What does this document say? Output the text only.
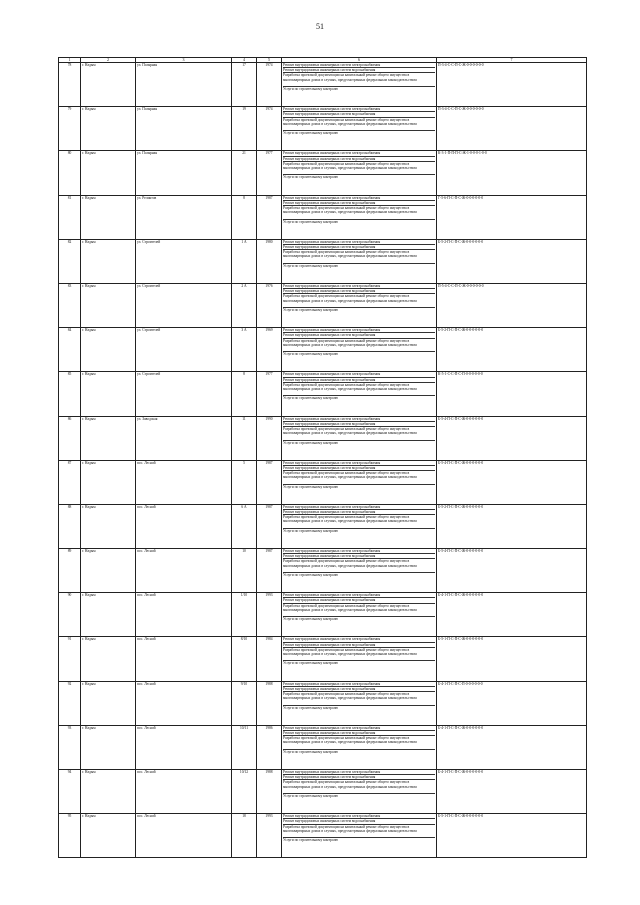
51
1	2	3	4	5	6	7
78	г. Надым	ул. Полярная	17	1974	Ремонт внутридомовых инженерных систем электроснабжения
Ремонт внутридомовых инженерных систем водоснабжения
Разработка проектной документации на капитальный ремонт общего имущества в многоквартирных домах в случаях, предусмотренных федеральным законодательством
Услуги по строительному контролю	П-3-4-С-С-П-С-Ж-0-0-0-0-0-0
79	г. Надым	ул. Полярная	19	1974	Ремонт внутридомовых инженерных систем электроснабжения
Ремонт внутридомовых инженерных систем водоснабжения
Разработка проектной документации на капитальный ремонт общего имущества в многоквартирных домах в случаях, предусмотренных федеральным законодательством
Услуги по строительному контролю	П-3-4-С-С-П-С-Ж-0-0-0-0-0-0
80	г. Надым	ул. Полярная	21	1977	Ремонт внутридомовых инженерных систем электроснабжения
Ремонт внутридомовых инженерных систем водоснабжения
Разработка проектной документации на капитальный ремонт общего имущества в многоквартирных домах в случаях, предусмотренных федеральным законодательством
Услуги по строительному контролю	К-3-1-П-П-П-С-Ж-1-0-0-0-1-0-0
81	г. Надым	ул. Реликтов	8	1987	Ремонт внутридомовых инженерных систем электроснабжения
Ремонт внутридомовых инженерных систем водоснабжения
Разработка проектной документации на капитальный ремонт общего имущества в многоквартирных домах в случаях, предусмотренных федеральным законодательством
Услуги по строительному контролю	Г-5-6-П-С-П-С-Ж-0-0-0-0-0-0
82	г. Надым	ул. Строителей	1 А	1980	Ремонт внутридомовых инженерных систем электроснабжения
Ремонт внутридомовых инженерных систем водоснабжения
Разработка проектной документации на капитальный ремонт общего имущества в многоквартирных домах в случаях, предусмотренных федеральным законодательством
Услуги по строительному контролю	Б-5-2-П-С-П-С-Ж-0-0-0-0-0-0
83	г. Надым	ул. Строителей	2 А	1976	Ремонт внутридомовых инженерных систем электроснабжения
Ремонт внутридомовых инженерных систем водоснабжения
Разработка проектной документации на капитальный ремонт общего имущества в многоквартирных домах в случаях, предусмотренных федеральным законодательством
Услуги по строительному контролю	П-5-4-С-С-П-С-Ж-0-0-0-0-0-0
84	г. Надым	ул. Строителей	3 А	1969	Ремонт внутридомовых инженерных систем электроснабжения
Ремонт внутридомовых инженерных систем водоснабжения
Разработка проектной документации на капитальный ремонт общего имущества в многоквартирных домах в случаях, предусмотренных федеральным законодательством
Услуги по строительному контролю	Б-5-2-П-С-П-С-Ж-0-0-0-0-0-0
85	г. Надым	ул. Строителей	8	1977	Ремонт внутридомовых инженерных систем электроснабжения
Ремонт внутридомовых инженерных систем водоснабжения
Разработка проектной документации на капитальный ремонт общего имущества в многоквартирных домах в случаях, предусмотренных федеральным законодательством
Услуги по строительному контролю	К-5-1-С-С-П-С-П-0-0-0-0-0-0
86	г. Надым	ул. Заводская	11	1990	Ремонт внутридомовых инженерных систем электроснабжения
Ремонт внутридомовых инженерных систем водоснабжения
Разработка проектной документации на капитальный ремонт общего имущества в многоквартирных домах в случаях, предусмотренных федеральным законодательством
Услуги по строительному контролю	Б-5-4-П-С-П-С-Ж-0-0-0-0-0-0
87	г. Надым	пос. Лесной	5	1987	Ремонт внутридомовых инженерных систем электроснабжения
Ремонт внутридомовых инженерных систем водоснабжения
Разработка проектной документации на капитальный ремонт общего имущества в многоквартирных домах в случаях, предусмотренных федеральным законодательством
Услуги по строительному контролю	Б-5-4-П-С-П-С-Ж-0-0-0-0-0-0
88	г. Надым	пос. Лесной	6 А	1987	Ремонт внутридомовых инженерных систем электроснабжения
Ремонт внутридомовых инженерных систем водоснабжения
Разработка проектной документации на капитальный ремонт общего имущества в многоквартирных домах в случаях, предусмотренных федеральным законодательством
Услуги по строительному контролю	Б-5-2-П-С-П-С-Ж-0-0-0-0-0-0
89	г. Надым	пос. Лесной	10	1987	Ремонт внутридомовых инженерных систем электроснабжения
Ремонт внутридомовых инженерных систем водоснабжения
Разработка проектной документации на капитальный ремонт общего имущества в многоквартирных домах в случаях, предусмотренных федеральным законодательством
Услуги по строительному контролю	Б-5-4-П-С-П-С-Ж-0-0-0-0-0-0
90	г. Надым	пос. Лесной	1/10	1993	Ремонт внутридомовых инженерных систем электроснабжения
Ремонт внутридомовых инженерных систем водоснабжения
Разработка проектной документации на капитальный ремонт общего имущества в многоквартирных домах в случаях, предусмотренных федеральным законодательством
Услуги по строительному контролю	Б-4-1-П-С-П-С-Ж-0-0-0-0-0-0
91	г. Надым	пос. Лесной	8/10	1984	Ремонт внутридомовых инженерных систем электроснабжения
Ремонт внутридомовых инженерных систем водоснабжения
Разработка проектной документации на капитальный ремонт общего имущества в многоквартирных домах в случаях, предусмотренных федеральным законодательством
Услуги по строительному контролю	Б-5-1-П-С-П-С-Ж-0-0-0-0-0-0
92	г. Надым	пос. Лесной	9/10	1988	Ремонт внутридомовых инженерных систем электроснабжения
Ремонт внутридомовых инженерных систем водоснабжения
Разработка проектной документации на капитальный ремонт общего имущества в многоквартирных домах в случаях, предусмотренных федеральным законодательством
Услуги по строительному контролю	Б-4-1-П-С-П-С-П-0-0-0-0-0-0
93	г. Надым	пос. Лесной	10/11	1986	Ремонт внутридомовых инженерных систем электроснабжения
Ремонт внутридомовых инженерных систем водоснабжения
Разработка проектной документации на капитальный ремонт общего имущества в многоквартирных домах в случаях, предусмотренных федеральным законодательством
Услуги по строительному контролю	Б-4-1-П-С-П-С-Ж-0-0-0-0-0-0
94	г. Надым	пос. Лесной	10/12	1988	Ремонт внутридомовых инженерных систем электроснабжения
Ремонт внутридомовых инженерных систем водоснабжения
Разработка проектной документации на капитальный ремонт общего имущества в многоквартирных домах в случаях, предусмотренных федеральным законодательством
Услуги по строительному контролю	Б-4-1-П-С-П-С-Ж-0-0-0-0-0-0
95	г. Надым	пос. Лесной	18	1993	Ремонт внутридомовых инженерных систем электроснабжения
Ремонт внутридомовых инженерных систем водоснабжения
Разработка проектной документации на капитальный ремонт общего имущества в многоквартирных домах в случаях, предусмотренных федеральным законодательством
Услуги по строительному контролю	Б-5-1-П-С-П-С-Ж-0-0-0-0-0-0
